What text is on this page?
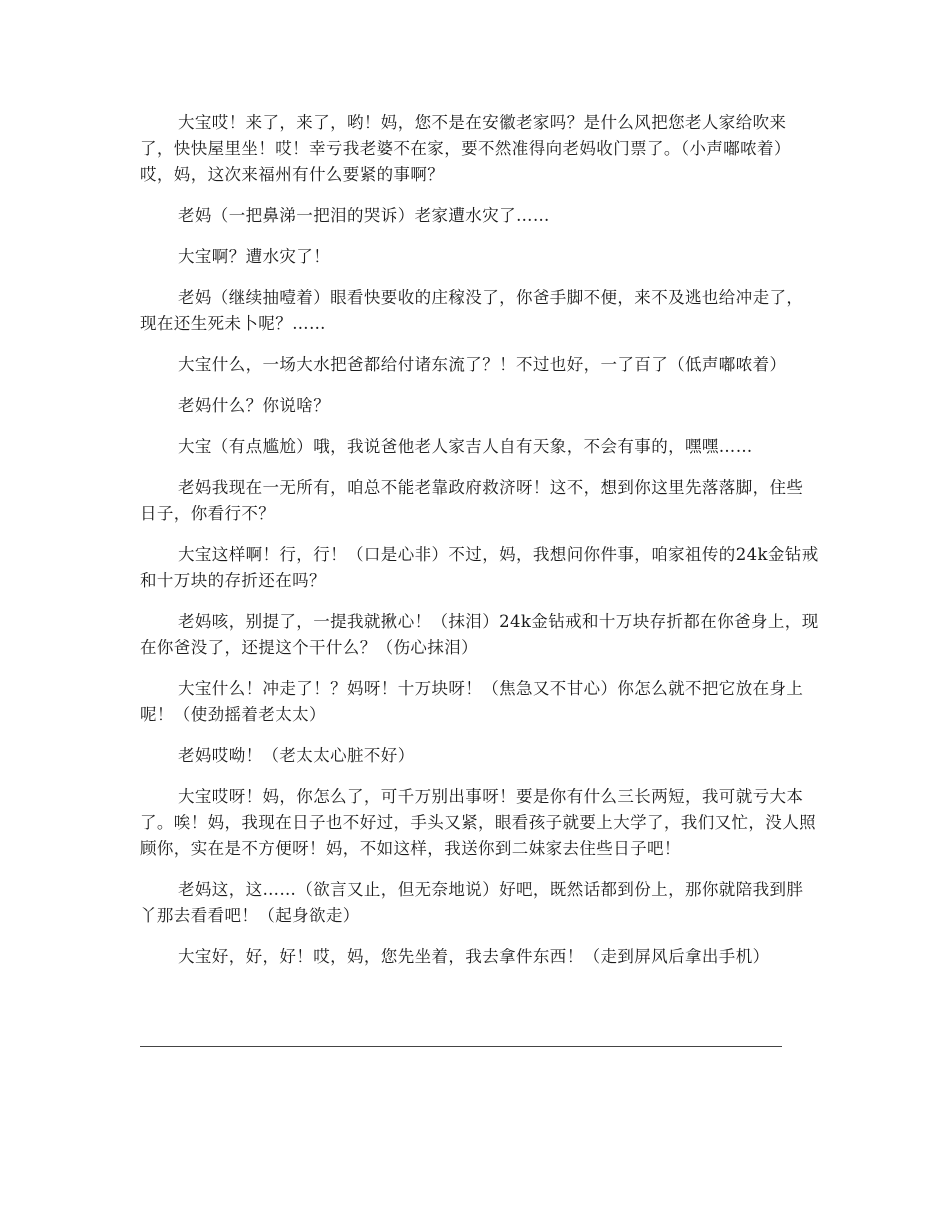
大宝哎！来了，来了，哟！妈，您不是在安徽老家吗？是什么风把您老人家给吹来了，快快屋里坐！哎！幸亏我老婆不在家，要不然准得向老妈收门票了。（小声嘟哝着）哎，妈，这次来福州有什么要紧的事啊？

老妈（一把鼻涕一把泪的哭诉）老家遭水灾了……

大宝啊？遭水灾了！

老妈（继续抽噎着）眼看快要收的庄稼没了，你爸手脚不便，来不及逃也给冲走了，现在还生死未卜呢？……

大宝什么，一场大水把爸都给付诸东流了？！不过也好，一了百了（低声嘟哝着）

老妈什么？你说啥？

大宝（有点尴尬）哦，我说爸他老人家吉人自有天象，不会有事的，嘿嘿……

老妈我现在一无所有，咱总不能老靠政府救济呀！这不，想到你这里先落落脚，住些日子，你看行不？

大宝这样啊！行，行！（口是心非）不过，妈，我想问你件事，咱家祖传的24k金钻戒和十万块的存折还在吗？

老妈咳，别提了，一提我就揪心！（抹泪）24k金钻戒和十万块存折都在你爸身上，现在你爸没了，还提这个干什么？（伤心抹泪）

大宝什么！冲走了！？妈呀！十万块呀！（焦急又不甘心）你怎么就不把它放在身上呢！（使劲摇着老太太）

老妈哎呦！（老太太心脏不好）

大宝哎呀！妈，你怎么了，可千万别出事呀！要是你有什么三长两短，我可就亏大本了。唉！妈，我现在日子也不好过，手头又紧，眼看孩子就要上大学了，我们又忙，没人照顾你，实在是不方便呀！妈，不如这样，我送你到二妹家去住些日子吧！

老妈这，这……（欲言又止，但无奈地说）好吧，既然话都到份上，那你就陪我到胖丫那去看看吧！（起身欲走）

大宝好，好，好！哎，妈，您先坐着，我去拿件东西！（走到屏风后拿出手机）
